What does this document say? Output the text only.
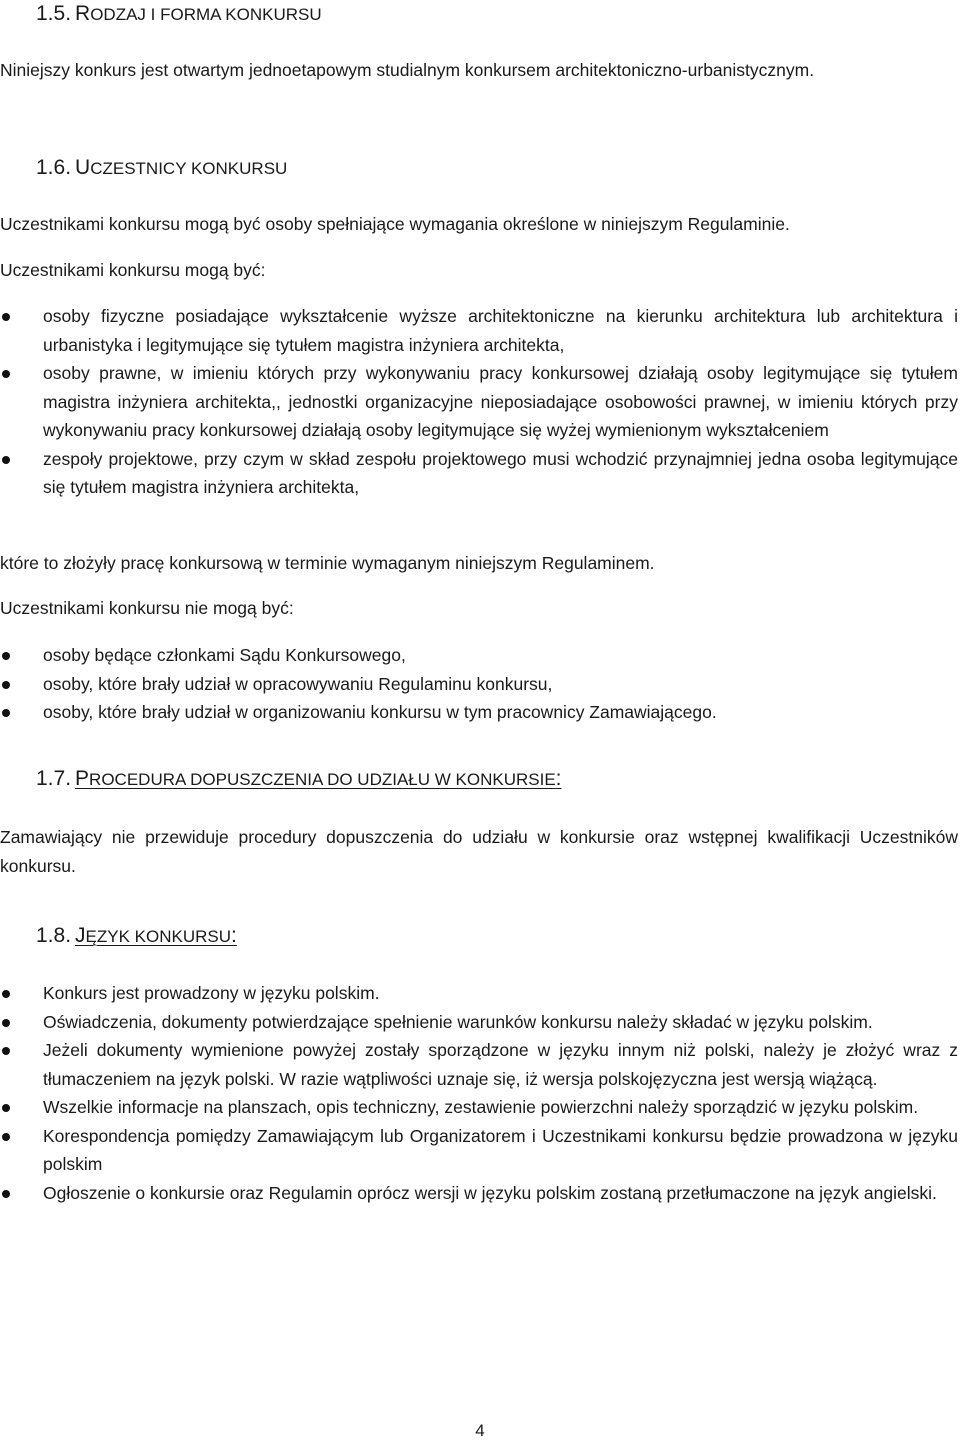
1.5. RODZAJ I FORMA KONKURSU
Niniejszy konkurs jest otwartym jednoetapowym studialnym konkursem architektoniczno-urbanistycznym.
1.6. UCZESTNICY KONKURSU
Uczestnikami konkursu mogą być osoby spełniające wymagania określone w niniejszym Regulaminie.
Uczestnikami konkursu mogą być:
osoby fizyczne posiadające wykształcenie wyższe architektoniczne na kierunku architektura lub architektura i urbanistyka i legitymujące się tytułem magistra inżyniera architekta,
osoby prawne, w imieniu których przy wykonywaniu pracy konkursowej działają osoby legitymujące się tytułem magistra inżyniera architekta,, jednostki organizacyjne nieposiadające osobowości prawnej, w imieniu których przy wykonywaniu pracy konkursowej działają osoby legitymujące się wyżej wymienionym wykształceniem
zespoły projektowe, przy czym w skład zespołu projektowego musi wchodzić przynajmniej jedna osoba legitymujące się tytułem magistra inżyniera architekta,
które to złożyły pracę konkursową w terminie wymaganym niniejszym Regulaminem.
Uczestnikami konkursu nie mogą być:
osoby będące członkami Sądu Konkursowego,
osoby, które brały udział w opracowywaniu Regulaminu konkursu,
osoby, które brały udział w organizowaniu konkursu w tym pracownicy Zamawiającego.
1.7. PROCEDURA DOPUSZCZENIA DO UDZIAŁU W KONKURSIE:
Zamawiający nie przewiduje procedury dopuszczenia do udziału w konkursie oraz wstępnej kwalifikacji Uczestników konkursu.
1.8. JĘZYK KONKURSU:
Konkurs jest prowadzony w języku polskim.
Oświadczenia, dokumenty potwierdzające spełnienie warunków konkursu należy składać w języku polskim.
Jeżeli dokumenty wymienione powyżej zostały sporządzone w języku innym niż polski, należy je złożyć wraz z tłumaczeniem na język polski. W razie wątpliwości uznaje się, iż wersja polskojęzyczna jest wersją wiążącą.
Wszelkie informacje na planszach, opis techniczny, zestawienie powierzchni należy sporządzić w języku polskim.
Korespondencja pomiędzy Zamawiającym lub Organizatorem i Uczestnikami konkursu będzie prowadzona w języku polskim
Ogłoszenie o konkursie oraz Regulamin oprócz wersji w języku polskim zostaną przetłumaczone na język angielski.
4
